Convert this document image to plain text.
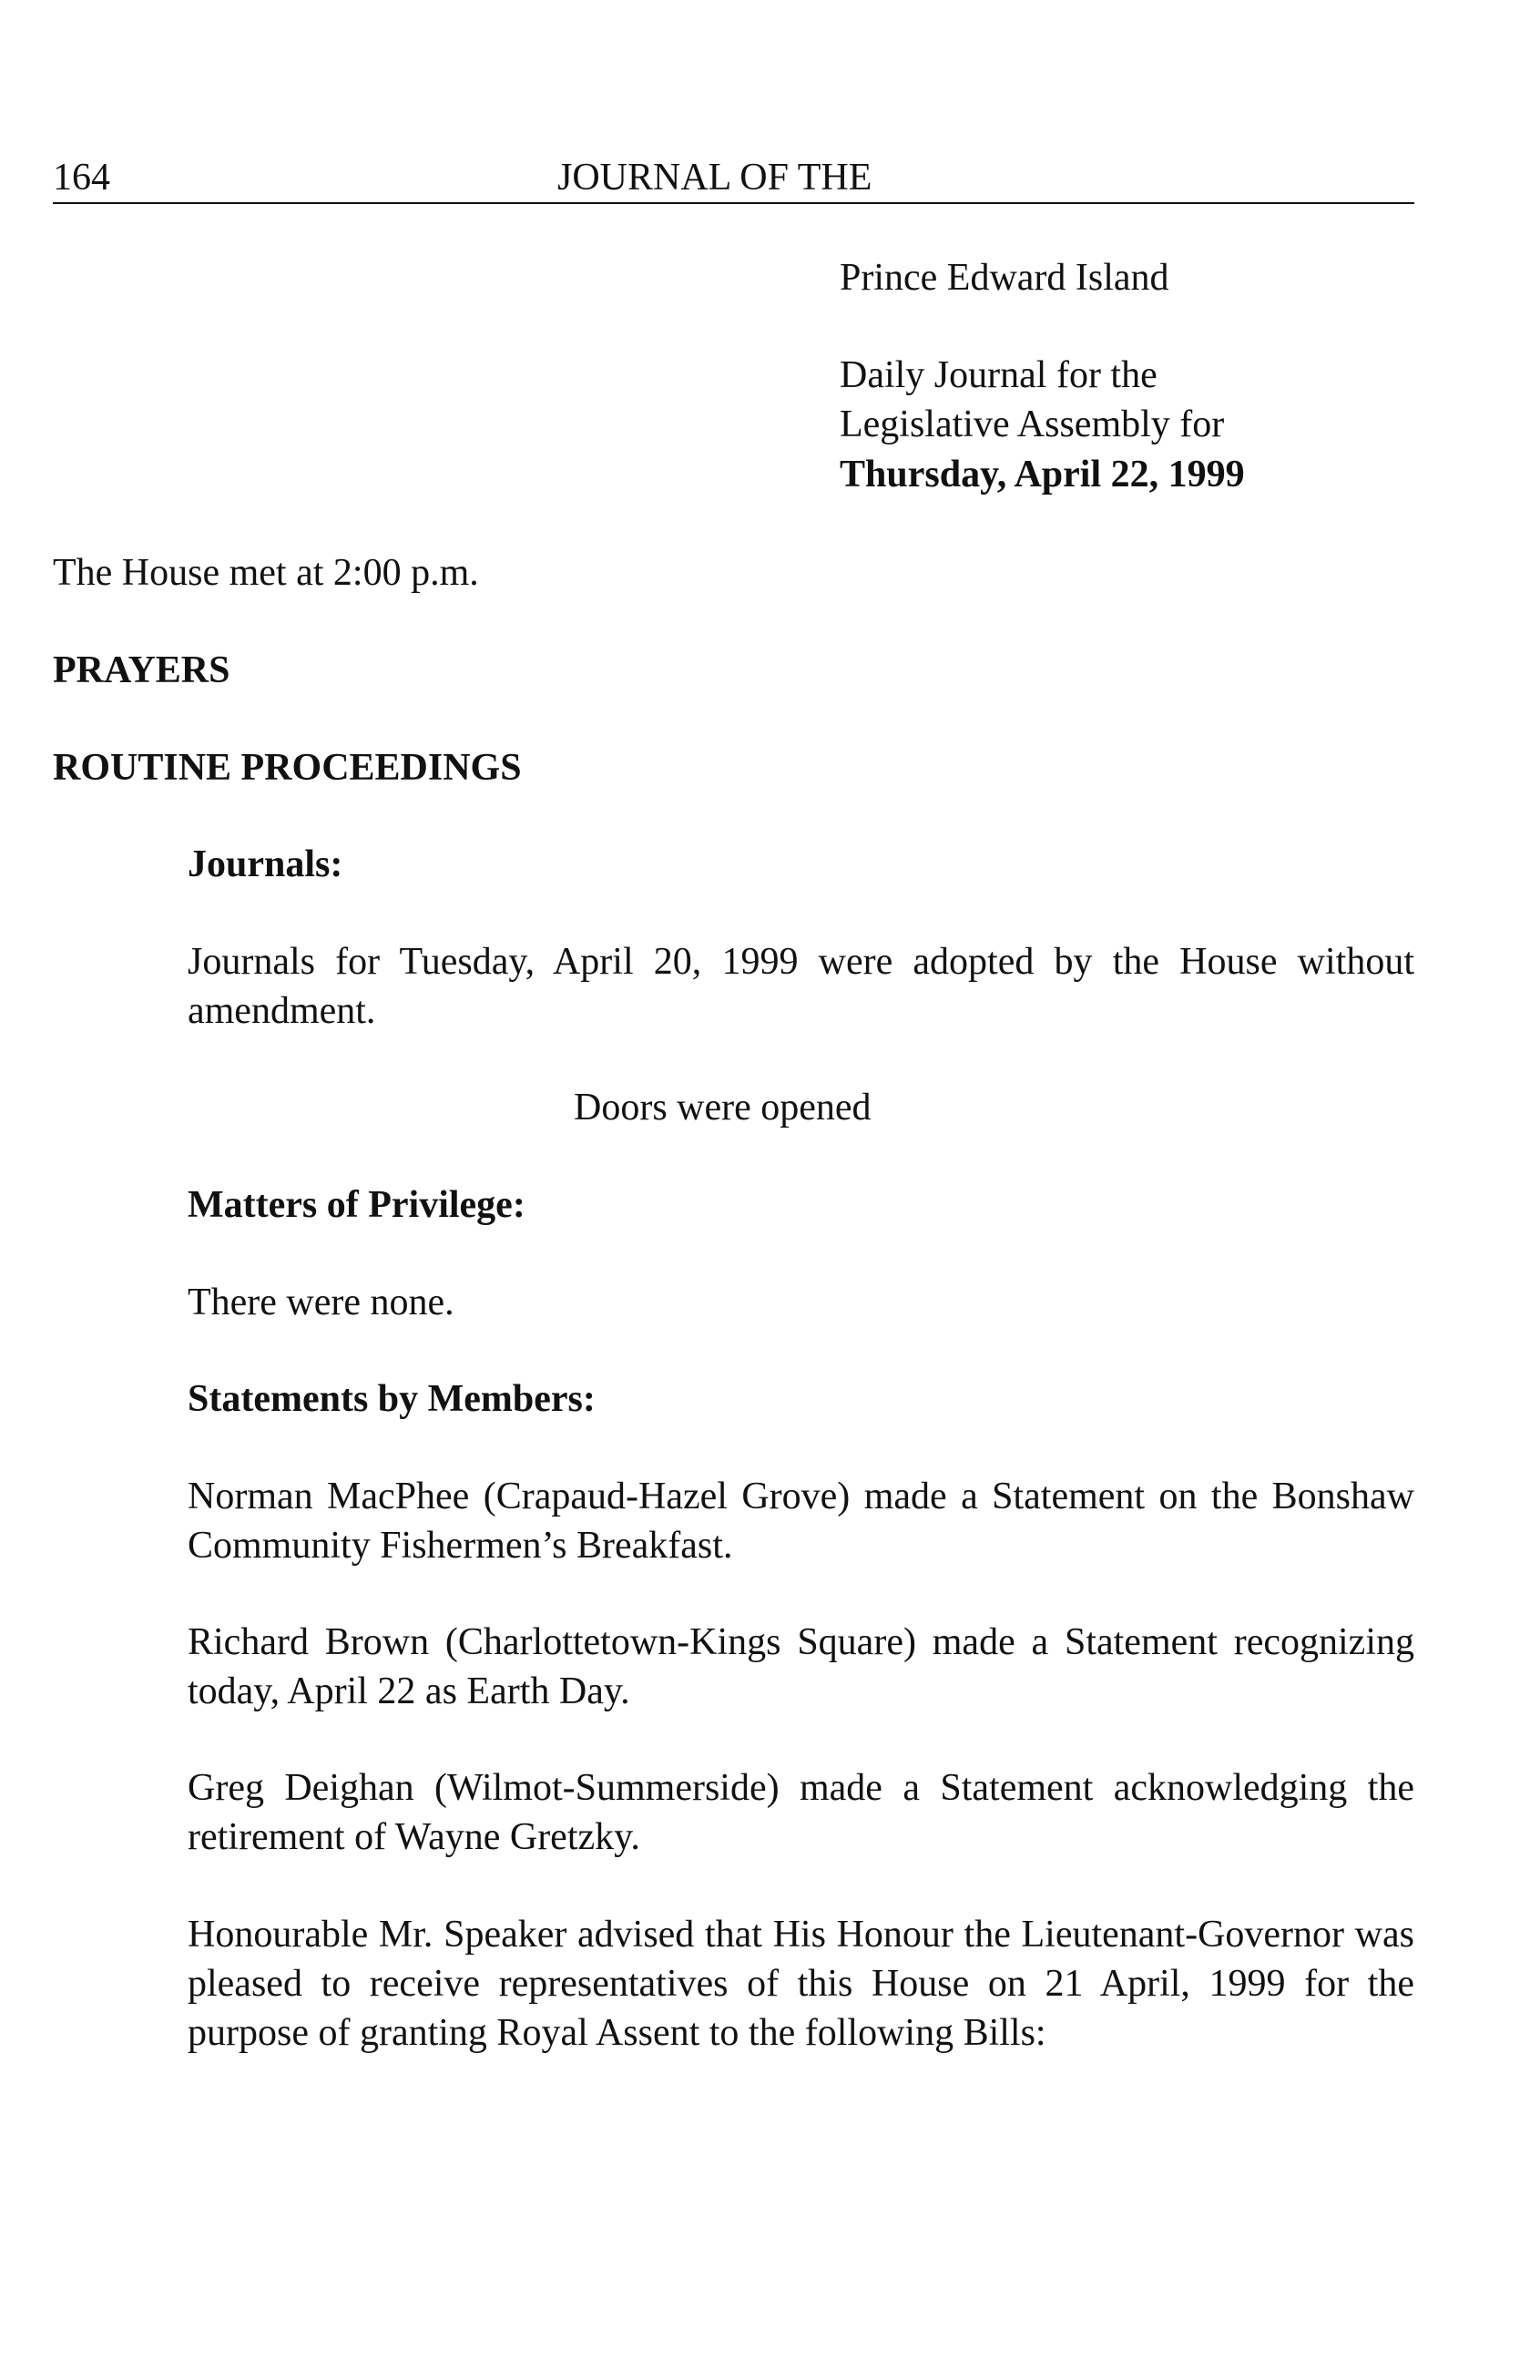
164	JOURNAL OF THE
Prince Edward Island
Daily Journal for the
Legislative Assembly for
Thursday, April 22, 1999
The House met at 2:00 p.m.
PRAYERS
ROUTINE PROCEEDINGS
Journals:

Journals for Tuesday, April 20, 1999 were adopted by the House without amendment.

Doors were opened
Matters of Privilege:
There were none.
Statements by Members:

Norman MacPhee (Crapaud-Hazel Grove) made a Statement on the Bonshaw Community Fishermen’s Breakfast.

Richard Brown (Charlottetown-Kings Square) made a Statement recognizing today, April 22 as Earth Day.

Greg Deighan (Wilmot-Summerside) made a Statement acknowledging the retirement of Wayne Gretzky.

Honourable Mr. Speaker advised that His Honour the Lieutenant-Governor was pleased to receive representatives of this House on 21 April, 1999 for the purpose of granting Royal Assent to the following Bills:
